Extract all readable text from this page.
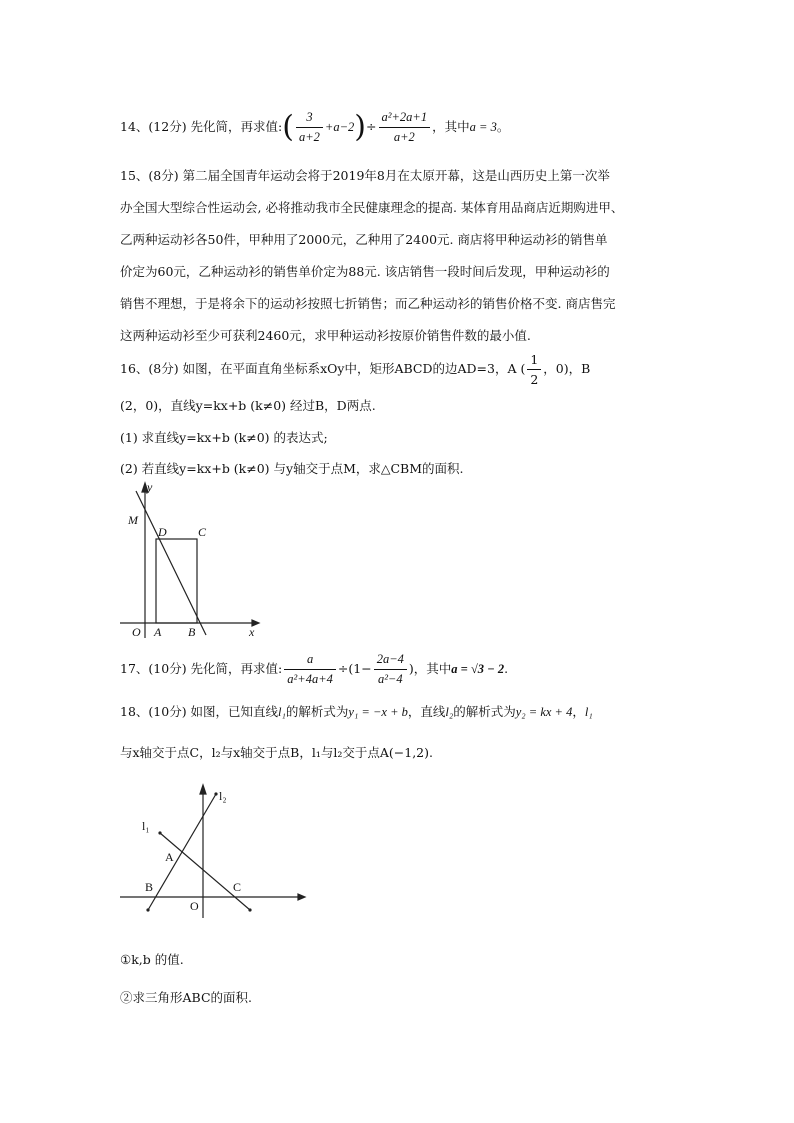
14、(12分) 先化简，再求值:( $\frac{3}{a+2} +a-2)\div \frac{\text{a²+2a+1}}{a+2}$ ，其中a = 3。
15、(8分) 第二届全国青年运动会将于2019年8月在太原开幕，这是山西历史上第一次举
办全国大型综合性运动会, 必将推动我市全民健康理念的提高. 某体育用品商店近期购进甲、
乙两种运动衫各50件，甲种用了2000元，乙种用了2400元. 商店将甲种运动衫的销售单
价定为60元，乙种运动衫的销售单价定为88元. 该店销售一段时间后发现，甲种运动衫的
销售不理想，于是将余下的运动衫按照七折销售；而乙种运动衫的销售价格不变. 商店售完
这两种运动衫至少可获利2460元，求甲种运动衫按原价销售件数的最小值.
16、(8分) 如图，在平面直角坐标系xOy中，矩形ABCD的边AD=3，A ( $\frac{1}{2}$ ，0)，B
(2，0)，直线y=kx+b (k≠0) 经过B，D两点.
(1) 求直线y=kx+b (k≠0) 的表达式;
(2) 若直线y=kx+b (k≠0) 与y轴交于点M，求△CBM的面积.
y
x
M
D	C
O A B
17、(10分) 先化简，再求值: $\frac{a}{\text{a²+4a+4}} \div(1- \frac{2a-4}{\text{a²−4}}$ )，其中a = √3 − 2.
18、(10分) 如图，已知直线l₁的解析式为y₁ = −x + b，直线l₂的解析式为y₂ = kx + 4，l₁
与x轴交于点C，l₂与x轴交于点B，l₁与l₂交于点A(−1,2).
l₂
l₁
A
B	C
O
①k,b 的值.
②求三角形ABC的面积.
